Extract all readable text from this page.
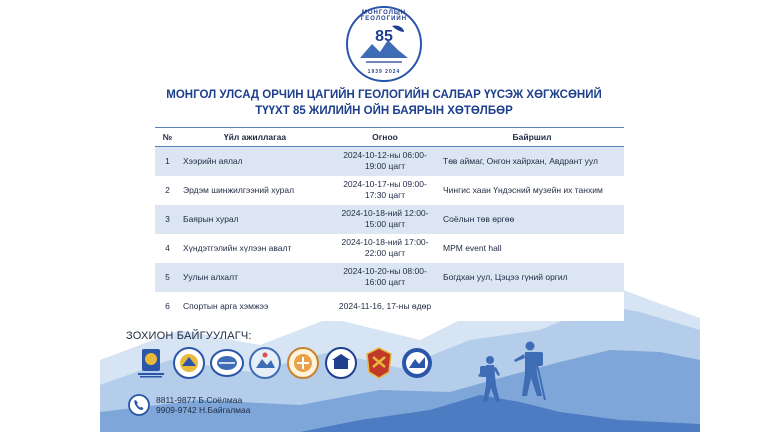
МОНГОЛЫН ГЕОЛОГИЙН
85
1939 2024
МОНГОЛ УЛСАД ОРЧИН ЦАГИЙН ГЕОЛОГИЙН САЛБАР ҮҮСЭЖ ХӨГЖСӨНИЙ
ТҮҮХТ 85 ЖИЛИЙН ОЙН БАЯРЫН ХӨТӨЛБӨР
№	Үйл ажиллагаа	Огноо	Байршил
1	Хээрийн аялал	2024-10-12-ны 06:00-19:00 цагт	Төв аймаг, Онгон хайрхан, Авдрант уул
2	Эрдэм шинжилгээний хурал	2024-10-17-ны 09:00-17:30 цагт	Чингис хаан Үндэсний музейн их танхим
3	Баярын хурал	2024-10-18-ний 12:00-15:00 цагт	Соёлын төв өргөө
4	Хүндэтгэлийн хүлээн авалт	2024-10-18-ний 17:00-22:00 цагт	MPM event hall
5	Уулын алхалт	2024-10-20-ны 08:00-16:00 цагт	Богдхан уул, Цэцээ гүний оргил
6	Спортын арга хэмжээ	2024-11-16, 17-ны өдөр	
ЗОХИОН БАЙГУУЛАГЧ:
8811-9877 Б.Соёлмаа
9909-9742 Н.Байгалмаа
